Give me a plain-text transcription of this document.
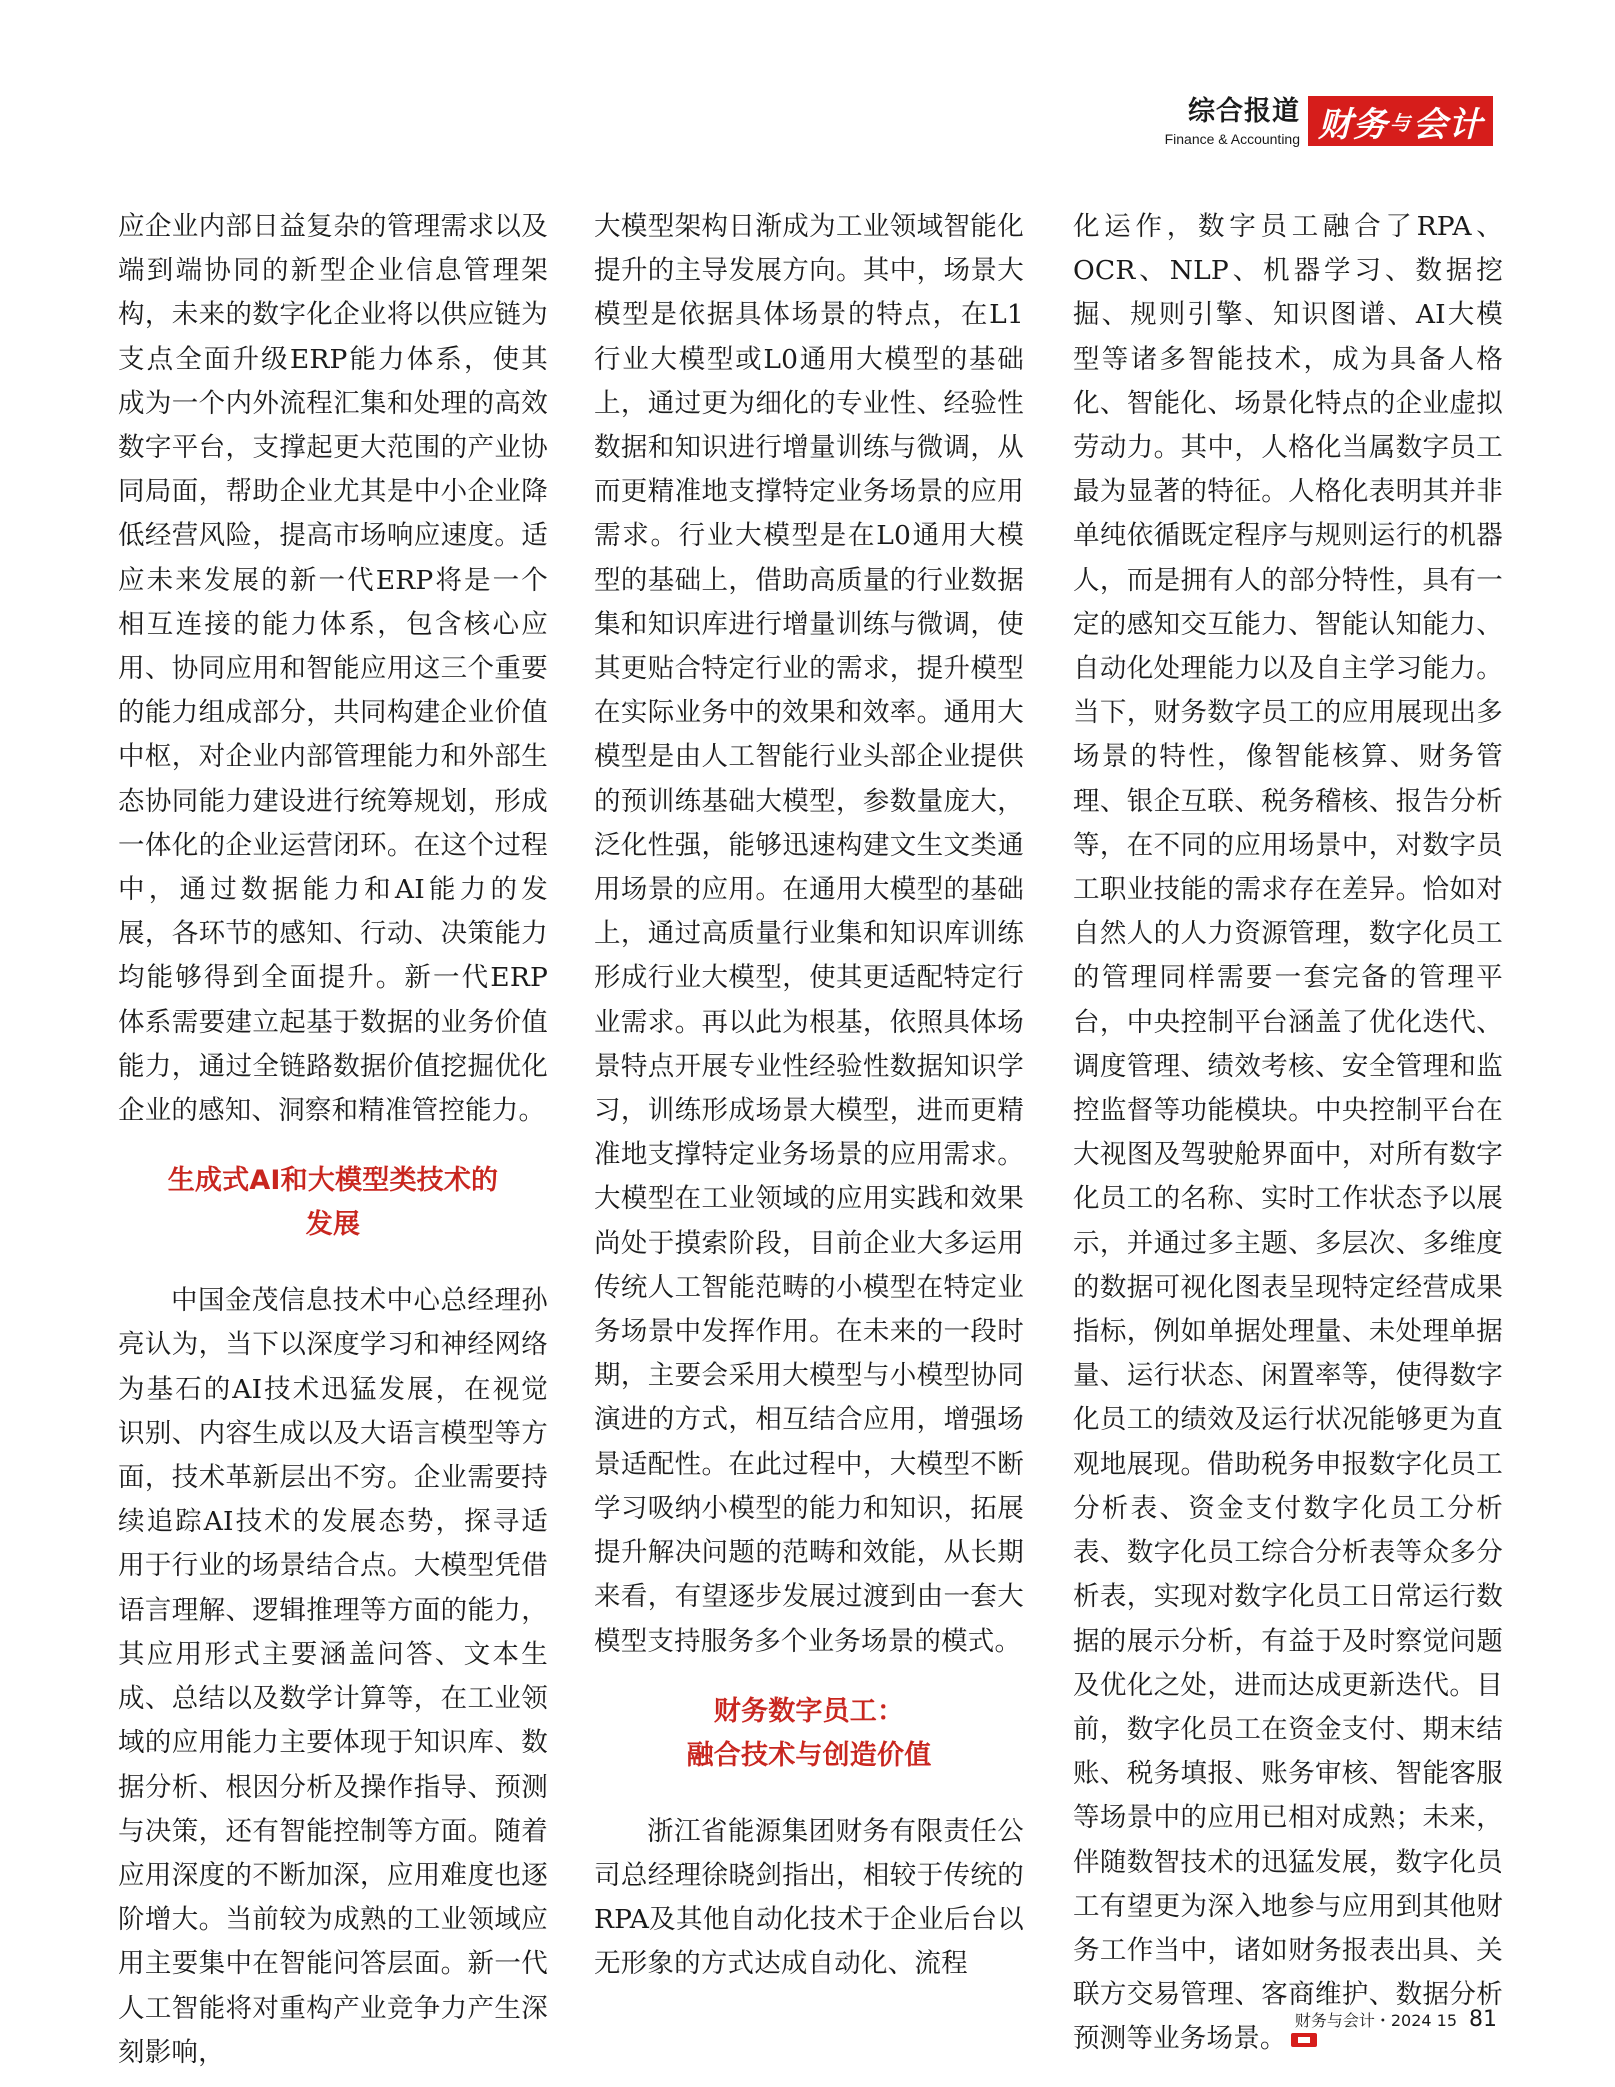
综合报道
Finance & Accounting 财务 与 会计

应企业内部日益复杂的管理需求以及端到端协同的新型企业信息管理架构，未来的数字化企业将以供应链为支点全面升级ERP能力体系，使其成为一个内外流程汇集和处理的高效数字平台，支撑起更大范围的产业协同局面，帮助企业尤其是中小企业降低经营风险，提高市场响应速度。适应未来发展的新一代ERP将是一个相互连接的能力体系，包含核心应用、协同应用和智能应用这三个重要的能力组成部分，共同构建企业价值中枢，对企业内部管理能力和外部生态协同能力建设进行统筹规划，形成一体化的企业运营闭环。在这个过程中，通过数据能力和AI能力的发展，各环节的感知、行动、决策能力均能够得到全面提升。新一代ERP体系需要建立起基于数据的业务价值能力，通过全链路数据价值挖掘优化企业的感知、洞察和精准管控能力。

生成式AI和大模型类技术的
发展

中国金茂信息技术中心总经理孙亮认为，当下以深度学习和神经网络为基石的AI技术迅猛发展，在视觉识别、内容生成以及大语言模型等方面，技术革新层出不穷。企业需要持续追踪AI技术的发展态势，探寻适用于行业的场景结合点。大模型凭借语言理解、逻辑推理等方面的能力，其应用形式主要涵盖问答、文本生成、总结以及数学计算等，在工业领域的应用能力主要体现于知识库、数据分析、根因分析及操作指导、预测与决策，还有智能控制等方面。随着应用深度的不断加深，应用难度也逐阶增大。当前较为成熟的工业领域应用主要集中在智能问答层面。新一代人工智能将对重构产业竞争力产生深刻影响，

大模型架构日渐成为工业领域智能化提升的主导发展方向。其中，场景大模型是依据具体场景的特点，在L1行业大模型或L0通用大模型的基础上，通过更为细化的专业性、经验性数据和知识进行增量训练与微调，从而更精准地支撑特定业务场景的应用需求。行业大模型是在L0通用大模型的基础上，借助高质量的行业数据集和知识库进行增量训练与微调，使其更贴合特定行业的需求，提升模型在实际业务中的效果和效率。通用大模型是由人工智能行业头部企业提供的预训练基础大模型，参数量庞大，泛化性强，能够迅速构建文生文类通用场景的应用。在通用大模型的基础上，通过高质量行业集和知识库训练形成行业大模型，使其更适配特定行业需求。再以此为根基，依照具体场景特点开展专业性经验性数据知识学习，训练形成场景大模型，进而更精准地支撑特定业务场景的应用需求。大模型在工业领域的应用实践和效果尚处于摸索阶段，目前企业大多运用传统人工智能范畴的小模型在特定业务场景中发挥作用。在未来的一段时期，主要会采用大模型与小模型协同演进的方式，相互结合应用，增强场景适配性。在此过程中，大模型不断学习吸纳小模型的能力和知识，拓展提升解决问题的范畴和效能，从长期来看，有望逐步发展过渡到由一套大模型支持服务多个业务场景的模式。

财务数字员工：
融合技术与创造价值

浙江省能源集团财务有限责任公司总经理徐晓剑指出，相较于传统的RPA及其他自动化技术于企业后台以无形象的方式达成自动化、流程

化运作，数字员工融合了RPA、OCR、NLP、机器学习、数据挖掘、规则引擎、知识图谱、AI大模型等诸多智能技术，成为具备人格化、智能化、场景化特点的企业虚拟劳动力。其中，人格化当属数字员工最为显著的特征。人格化表明其并非单纯依循既定程序与规则运行的机器人，而是拥有人的部分特性，具有一定的感知交互能力、智能认知能力、自动化处理能力以及自主学习能力。当下，财务数字员工的应用展现出多场景的特性，像智能核算、财务管理、银企互联、税务稽核、报告分析等，在不同的应用场景中，对数字员工职业技能的需求存在差异。恰如对自然人的人力资源管理，数字化员工的管理同样需要一套完备的管理平台，中央控制平台涵盖了优化迭代、调度管理、绩效考核、安全管理和监控监督等功能模块。中央控制平台在大视图及驾驶舱界面中，对所有数字化员工的名称、实时工作状态予以展示，并通过多主题、多层次、多维度的数据可视化图表呈现特定经营成果指标，例如单据处理量、未处理单据量、运行状态、闲置率等，使得数字化员工的绩效及运行状况能够更为直观地展现。借助税务申报数字化员工分析表、资金支付数字化员工分析表、数字化员工综合分析表等众多分析表，实现对数字化员工日常运行数据的展示分析，有益于及时察觉问题及优化之处，进而达成更新迭代。目前，数字化员工在资金支付、期末结账、税务填报、账务审核、智能客服等场景中的应用已相对成熟；未来，伴随数智技术的迅猛发展，数字化员工有望更为深入地参与应用到其他财务工作当中，诸如财务报表出具、关联方交易管理、客商维护、数据分析预测等业务场景。

财务与会计・2024 15 81
